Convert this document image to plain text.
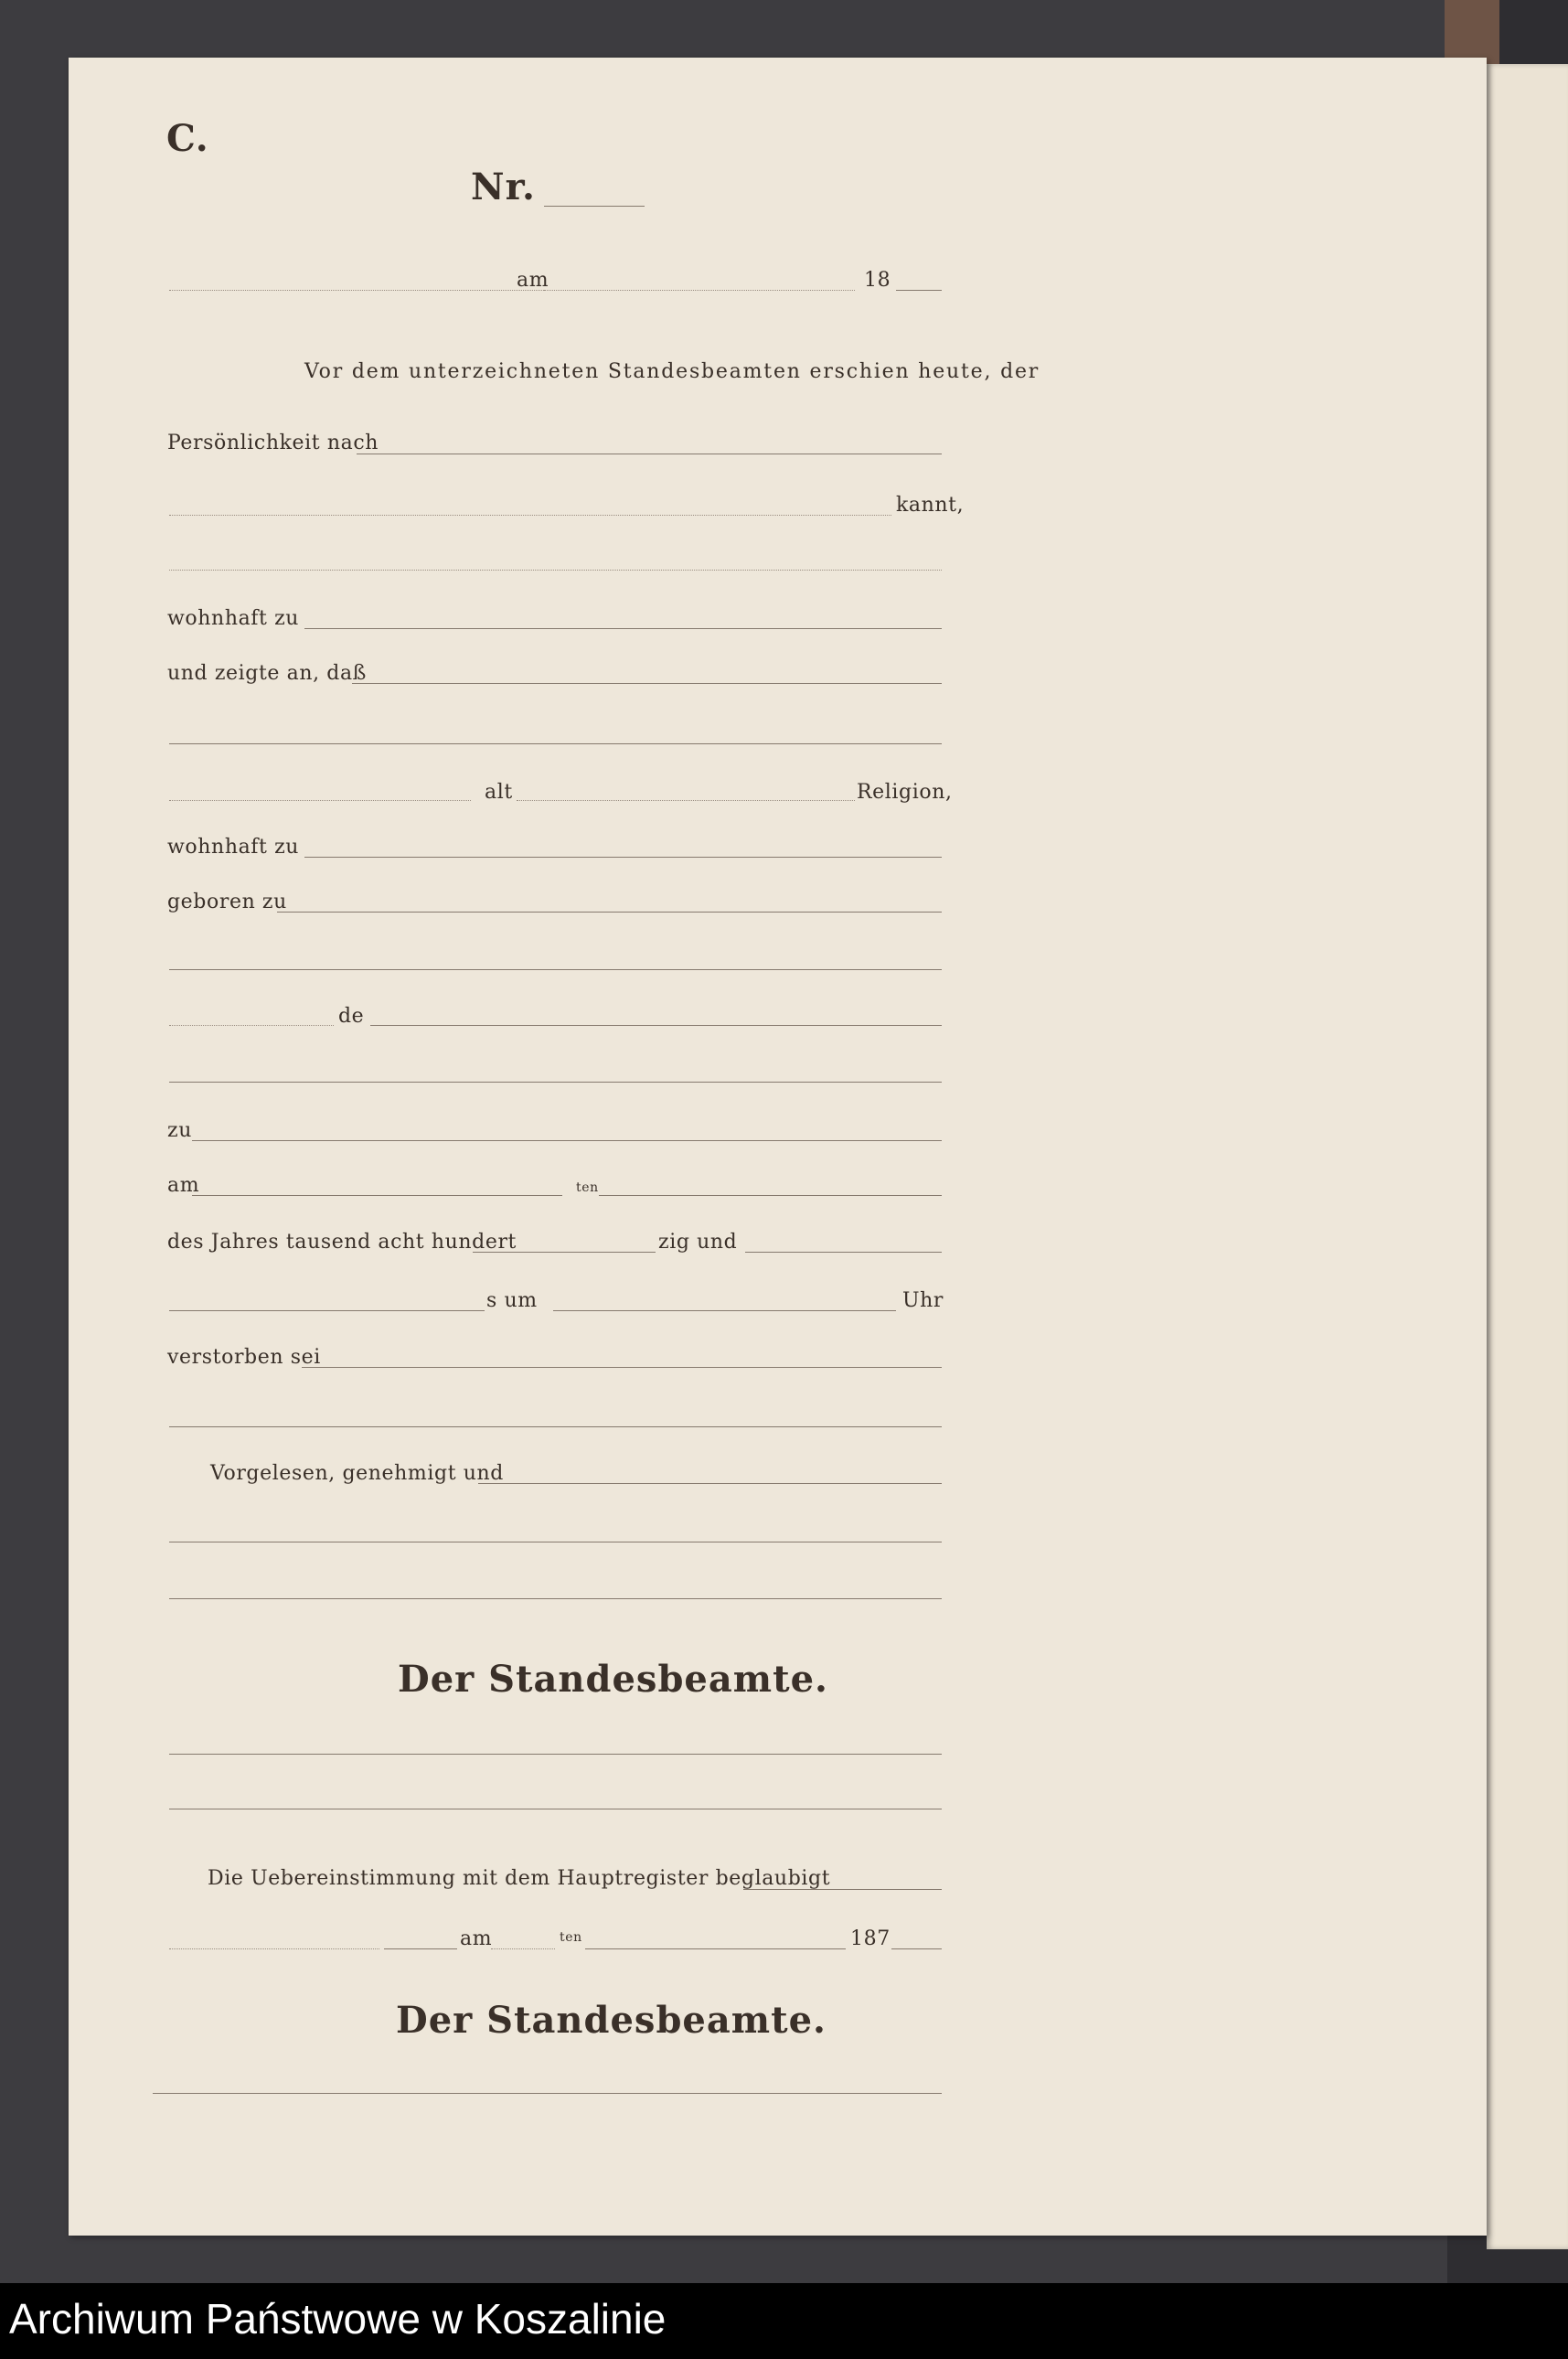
C.
Nr.
am	18
Vor dem unterzeichneten Standesbeamten erschien heute, der
Persönlichkeit nach
kannt,
wohnhaft zu
und zeigte an, daß
alt	Religion,
wohnhaft zu
geboren zu
de
zu
am	ten
des Jahres tausend acht hundert	zig und
s um	Uhr
verstorben sei
Vorgelesen, genehmigt und
Der Standesbeamte.
Die Uebereinstimmung mit dem Hauptregister beglaubigt
am	ten	187
Der Standesbeamte.
Archiwum Państwowe w Koszalinie
